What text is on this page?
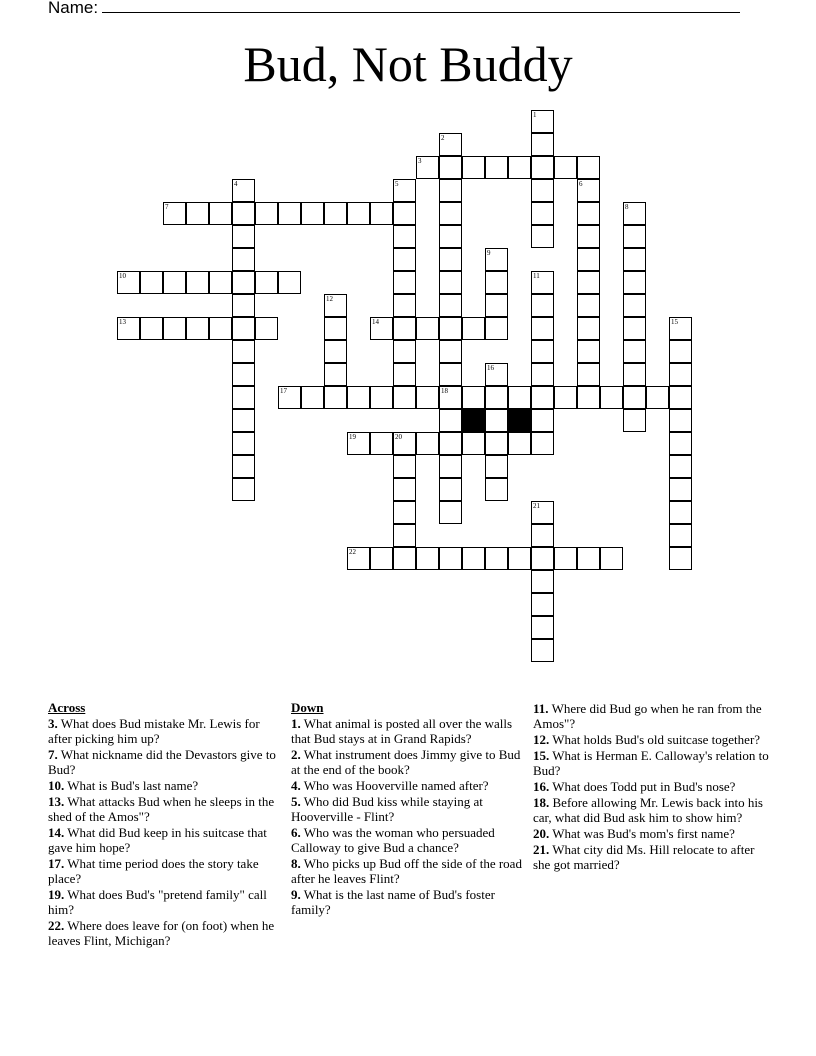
Name:
Bud, Not Buddy
1
2
18
3
4	5	6
7	8
9
10	11
12
13	14	15
16
17
19	20
21
22
Across
3. What does Bud mistake Mr. Lewis for after picking him up?
7. What nickname did the Devastors give to Bud?
10. What is Bud's last name?
13. What attacks Bud when he sleeps in the shed of the Amos"?
14. What did Bud keep in his suitcase that gave him hope?
17. What time period does the story take place?
19. What does Bud's "pretend family" call him?
22. Where does leave for (on foot) when he leaves Flint, Michigan?
Down
1. What animal is posted all over the walls that Bud stays at in Grand Rapids?
2. What instrument does Jimmy give to Bud at the end of the book?
4. Who was Hooverville named after?
5. Who did Bud kiss while staying at Hooverville - Flint?
6. Who was the woman who persuaded Calloway to give Bud a chance?
8. Who picks up Bud off the side of the road after he leaves Flint?
9. What is the last name of Bud's foster family?
11. Where did Bud go when he ran from the Amos"?
12. What holds Bud's old suitcase together?
15. What is Herman E. Calloway's relation to Bud?
16. What does Todd put in Bud's nose?
18. Before allowing Mr. Lewis back into his car, what did Bud ask him to show him?
20. What was Bud's mom's first name?
21. What city did Ms. Hill relocate to after she got married?
